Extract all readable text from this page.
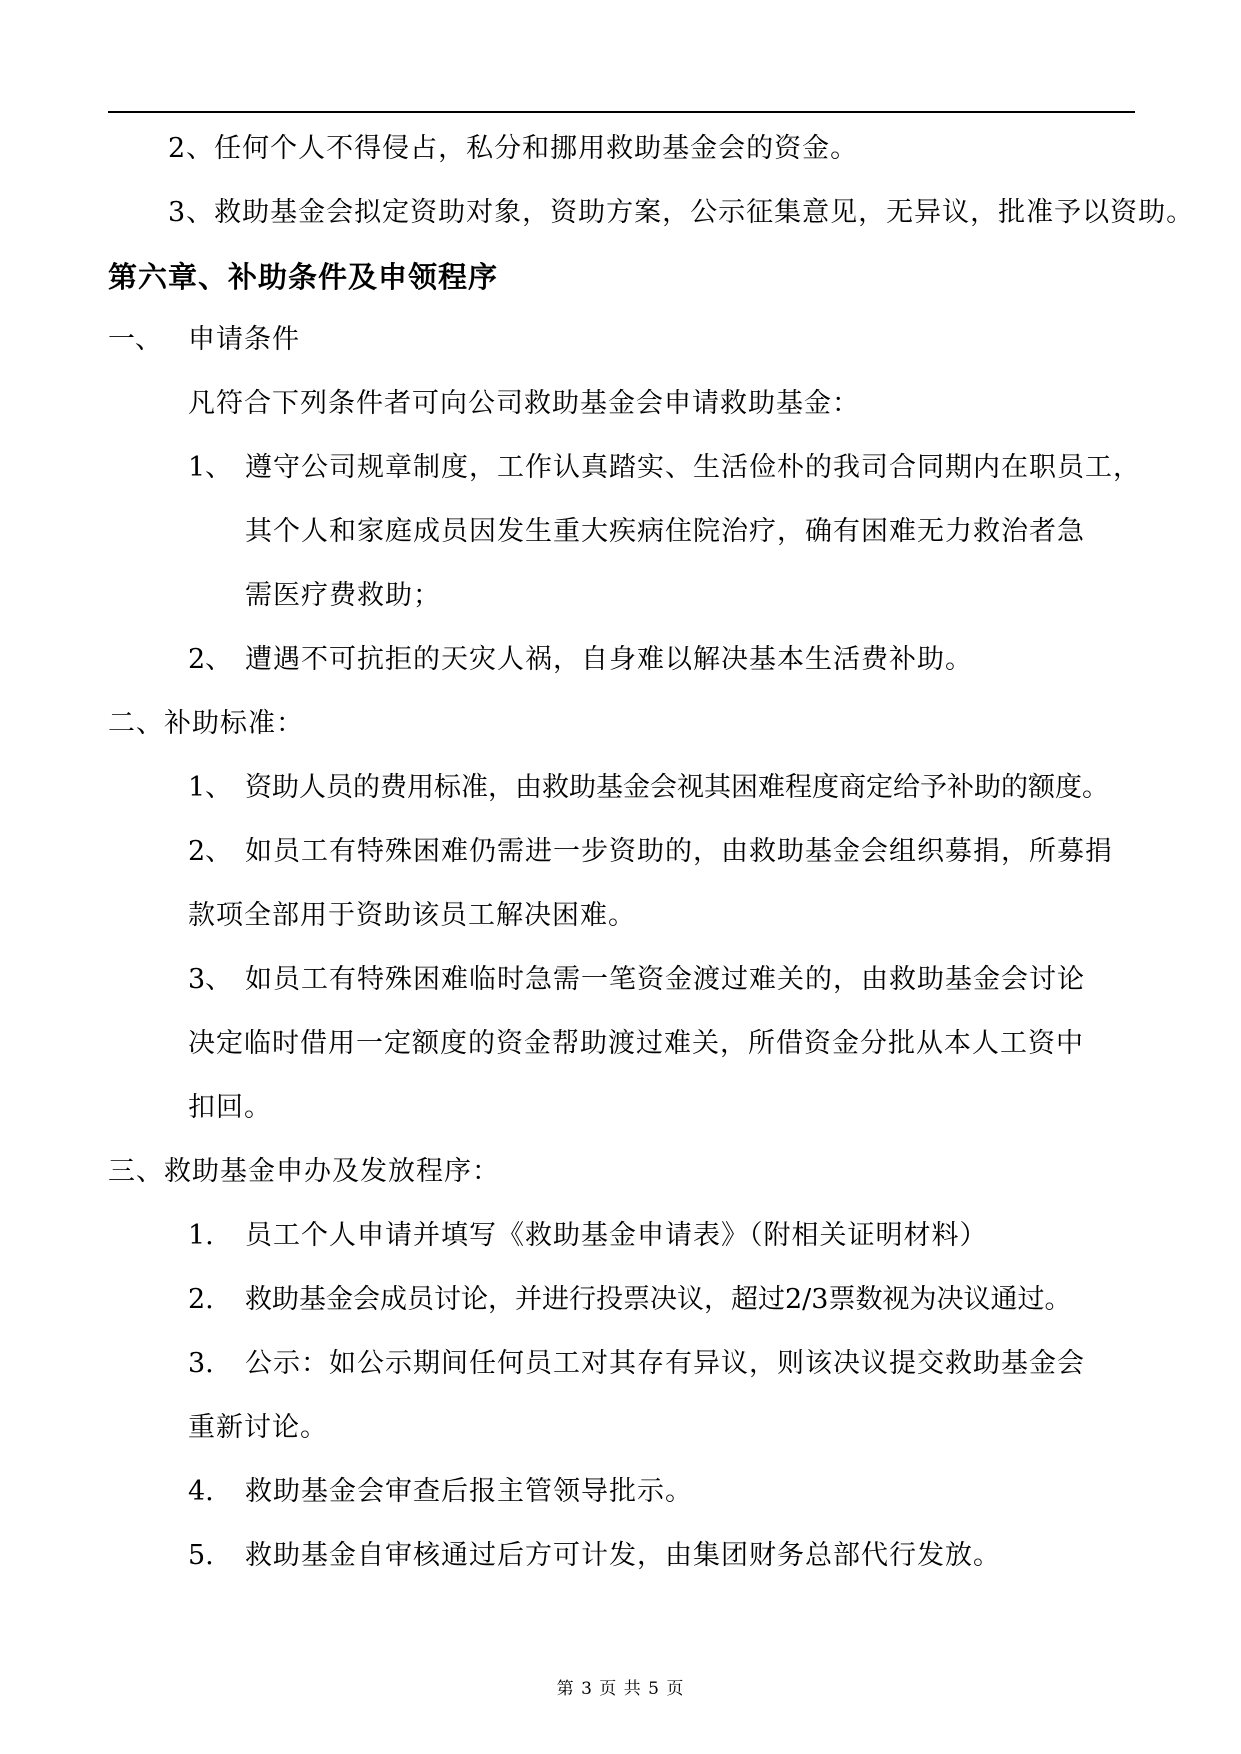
2、任何个人不得侵占，私分和挪用救助基金会的资金。
3、救助基金会拟定资助对象，资助方案，公示征集意见，无异议，批准予以资助。
第六章、补助条件及申领程序
一、 申请条件
凡符合下列条件者可向公司救助基金会申请救助基金：
1、 遵守公司规章制度，工作认真踏实、生活俭朴的我司合同期内在职员工，
其个人和家庭成员因发生重大疾病住院治疗，确有困难无力救治者急
需医疗费救助；
2、 遭遇不可抗拒的天灾人祸，自身难以解决基本生活费补助。
二、补助标准：
1、 资助人员的费用标准，由救助基金会视其困难程度商定给予补助的额度。
2、 如员工有特殊困难仍需进一步资助的，由救助基金会组织募捐，所募捐
款项全部用于资助该员工解决困难。
3、 如员工有特殊困难临时急需一笔资金渡过难关的，由救助基金会讨论
决定临时借用一定额度的资金帮助渡过难关，所借资金分批从本人工资中
扣回。
三、救助基金申办及发放程序：
1. 员工个人申请并填写《救助基金申请表》（附相关证明材料）
2. 救助基金会成员讨论，并进行投票决议，超过2/3票数视为决议通过。
3. 公示：如公示期间任何员工对其存有异议，则该决议提交救助基金会
重新讨论。
4. 救助基金会审查后报主管领导批示。
5. 救助基金自审核通过后方可计发，由集团财务总部代行发放。
第 3 页 共 5 页
